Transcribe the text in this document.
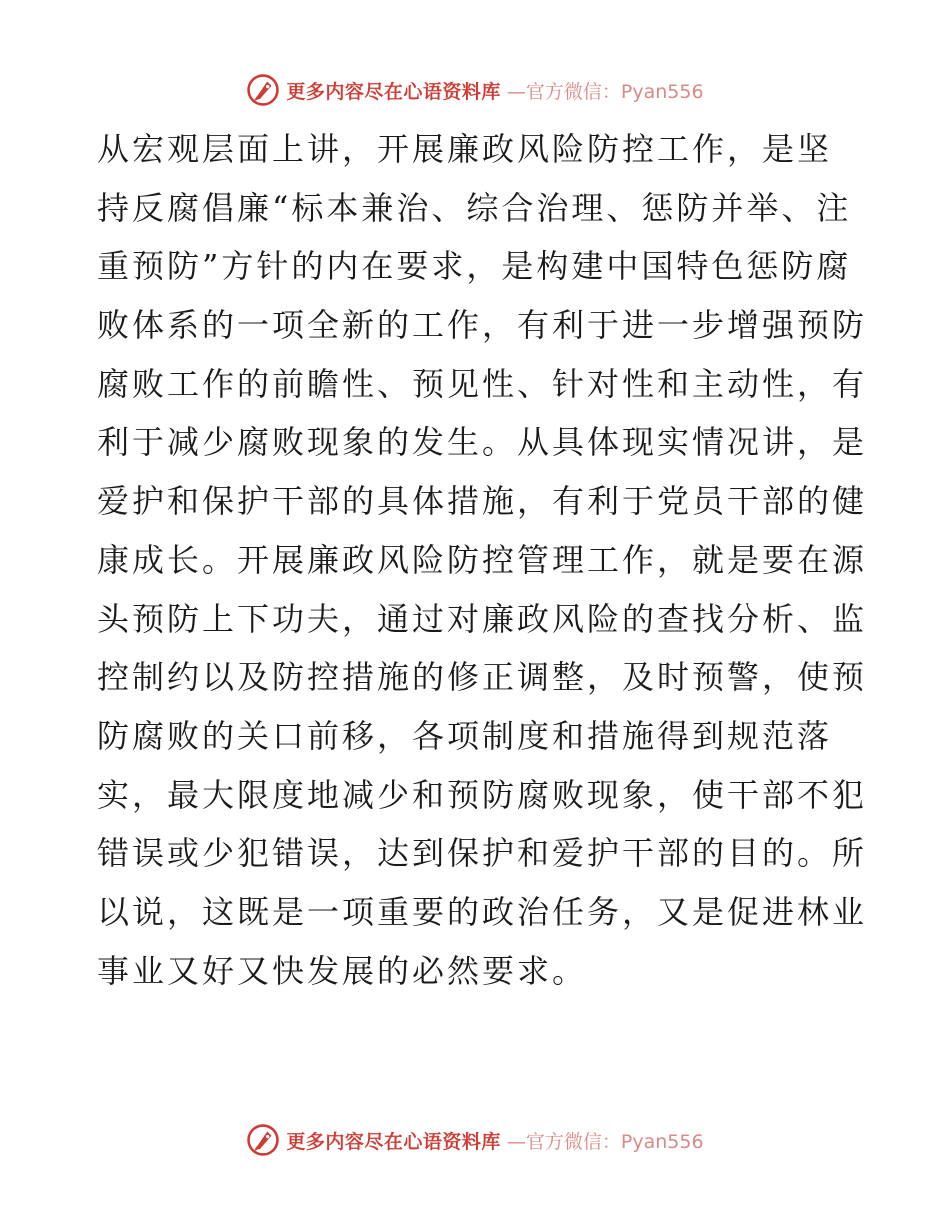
更多内容尽在心语资料库 —官方微信：Pyan556
从宏观层面上讲，开展廉政风险防控工作，是坚
持反腐倡廉“标本兼治、综合治理、惩防并举、注
重预防”方针的内在要求，是构建中国特色惩防腐
败体系的一项全新的工作，有利于进一步增强预防
腐败工作的前瞻性、预见性、针对性和主动性，有
利于减少腐败现象的发生。从具体现实情况讲，是
爱护和保护干部的具体措施，有利于党员干部的健
康成长。开展廉政风险防控管理工作，就是要在源
头预防上下功夫，通过对廉政风险的查找分析、监
控制约以及防控措施的修正调整，及时预警，使预
防腐败的关口前移，各项制度和措施得到规范落
实，最大限度地减少和预防腐败现象，使干部不犯
错误或少犯错误，达到保护和爱护干部的目的。所
以说，这既是一项重要的政治任务，又是促进林业
事业又好又快发展的必然要求。
更多内容尽在心语资料库 —官方微信：Pyan556
